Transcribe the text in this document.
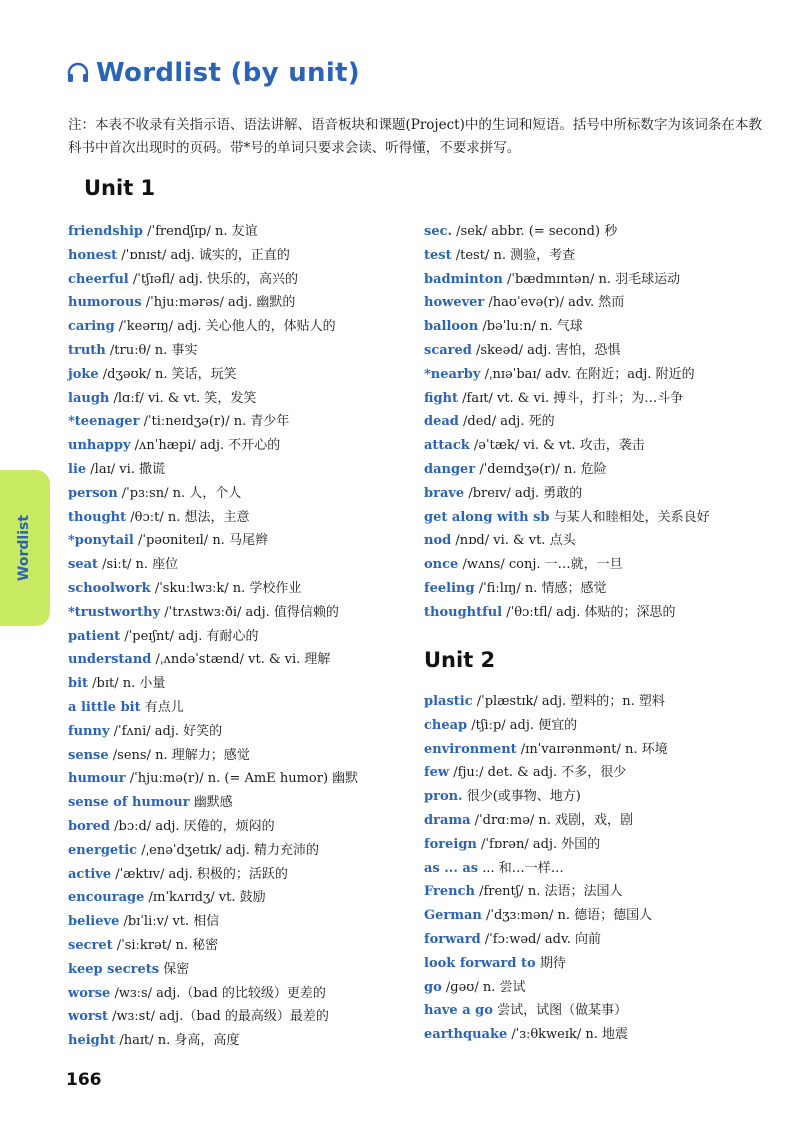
Wordlist (by unit)
注：本表不收录有关指示语、语法讲解、语音板块和课题(Project)中的生词和短语。括号中所标数字为该词条在本教科书中首次出现时的页码。带*号的单词只要求会读、听得懂，不要求拼写。
Unit 1
friendship /ˈfrendʃɪp/ n. 友谊
honest /ˈɒnɪst/ adj. 诚实的，正直的
cheerful /ˈtʃɪəfl/ adj. 快乐的，高兴的
humorous /ˈhjuːmərəs/ adj. 幽默的
caring /ˈkeərɪŋ/ adj. 关心他人的，体贴人的
truth /truːθ/ n. 事实
joke /dʒəʊk/ n. 笑话，玩笑
laugh /lɑːf/ vi. & vt. 笑，发笑
*teenager /ˈtiːneɪdʒə(r)/ n. 青少年
unhappy /ʌnˈhæpi/ adj. 不开心的
lie /laɪ/ vi. 撒谎
person /ˈpɜːsn/ n. 人，个人
thought /θɔːt/ n. 想法，主意
*ponytail /ˈpəʊniteɪl/ n. 马尾辫
seat /siːt/ n. 座位
schoolwork /ˈskuːlwɜːk/ n. 学校作业
*trustworthy /ˈtrʌstwɜːði/ adj. 值得信赖的
patient /ˈpeɪʃnt/ adj. 有耐心的
understand /ˌʌndəˈstænd/ vt. & vi. 理解
bit /bɪt/ n. 小量
a little bit 有点儿
funny /ˈfʌni/ adj. 好笑的
sense /sens/ n. 理解力；感觉
humour /ˈhjuːmə(r)/ n. (= AmE humor) 幽默
sense of humour 幽默感
bored /bɔːd/ adj. 厌倦的，烦闷的
energetic /ˌenəˈdʒetɪk/ adj. 精力充沛的
active /ˈæktɪv/ adj. 积极的；活跃的
encourage /ɪnˈkʌrɪdʒ/ vt. 鼓励
believe /bɪˈliːv/ vt. 相信
secret /ˈsiːkrət/ n. 秘密
keep secrets 保密
worse /wɜːs/ adj.（bad 的比较级）更差的
worst /wɜːst/ adj.（bad 的最高级）最差的
height /haɪt/ n. 身高，高度
sec. /sek/ abbr. (= second) 秒
test /test/ n. 测验，考查
badminton /ˈbædmɪntən/ n. 羽毛球运动
however /haʊˈevə(r)/ adv. 然而
balloon /bəˈluːn/ n. 气球
scared /skeəd/ adj. 害怕，恐惧
*nearby /ˌnɪəˈbaɪ/ adv. 在附近；adj. 附近的
fight /faɪt/ vt. & vi. 搏斗，打斗；为…斗争
dead /ded/ adj. 死的
attack /əˈtæk/ vi. & vt. 攻击，袭击
danger /ˈdeɪndʒə(r)/ n. 危险
brave /breɪv/ adj. 勇敢的
get along with sb 与某人和睦相处，关系良好
nod /nɒd/ vi. & vt. 点头
once /wʌns/ conj. 一…就，一旦
feeling /ˈfiːlɪŋ/ n. 情感；感觉
thoughtful /ˈθɔːtfl/ adj. 体贴的；深思的
Unit 2
plastic /ˈplæstɪk/ adj. 塑料的；n. 塑料
cheap /tʃiːp/ adj. 便宜的
environment /ɪnˈvaɪrənmənt/ n. 环境
few /fjuː/ det. & adj. 不多，很少
pron. 很少(或事物、地方)
drama /ˈdrɑːmə/ n. 戏剧，戏，剧
foreign /ˈfɒrən/ adj. 外国的
as ... as ... 和…一样…
French /frentʃ/ n. 法语；法国人
German /ˈdʒɜːmən/ n. 德语；德国人
forward /ˈfɔːwəd/ adv. 向前
look forward to 期待
go /ɡəʊ/ n. 尝试
have a go 尝试，试图（做某事）
earthquake /ˈɜːθkweɪk/ n. 地震
Wordlist
166
